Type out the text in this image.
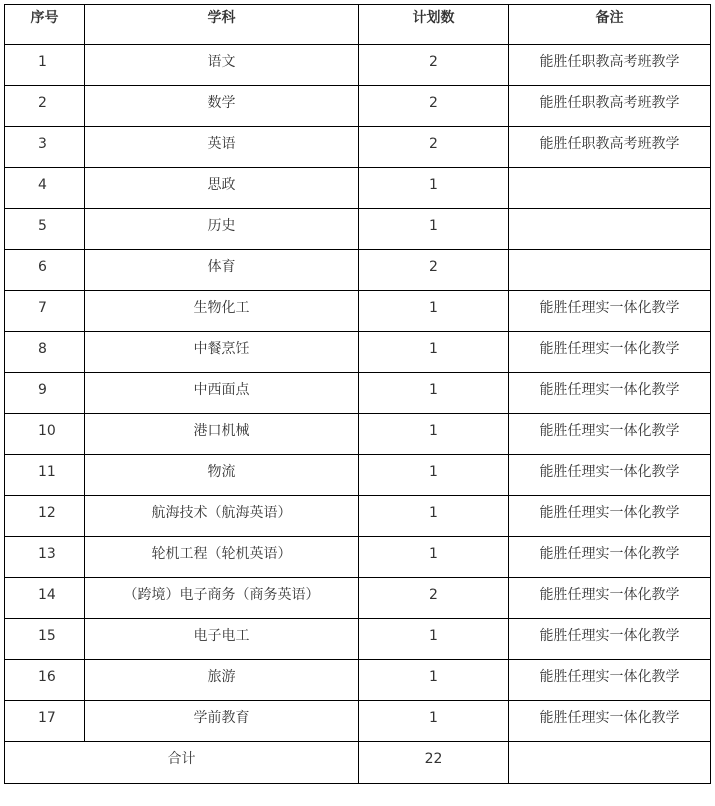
序号	学科	计划数	备注
1	语文	2	能胜任职教高考班教学
2	数学	2	能胜任职教高考班教学
3	英语	2	能胜任职教高考班教学
4	思政	1	
5	历史	1	
6	体育	2	
7	生物化工	1	能胜任理实一体化教学
8	中餐烹饪	1	能胜任理实一体化教学
9	中西面点	1	能胜任理实一体化教学
10	港口机械	1	能胜任理实一体化教学
11	物流	1	能胜任理实一体化教学
12	航海技术（航海英语）	1	能胜任理实一体化教学
13	轮机工程（轮机英语）	1	能胜任理实一体化教学
14	（跨境）电子商务（商务英语）	2	能胜任理实一体化教学
15	电子电工	1	能胜任理实一体化教学
16	旅游	1	能胜任理实一体化教学
17	学前教育	1	能胜任理实一体化教学
合计		22	
